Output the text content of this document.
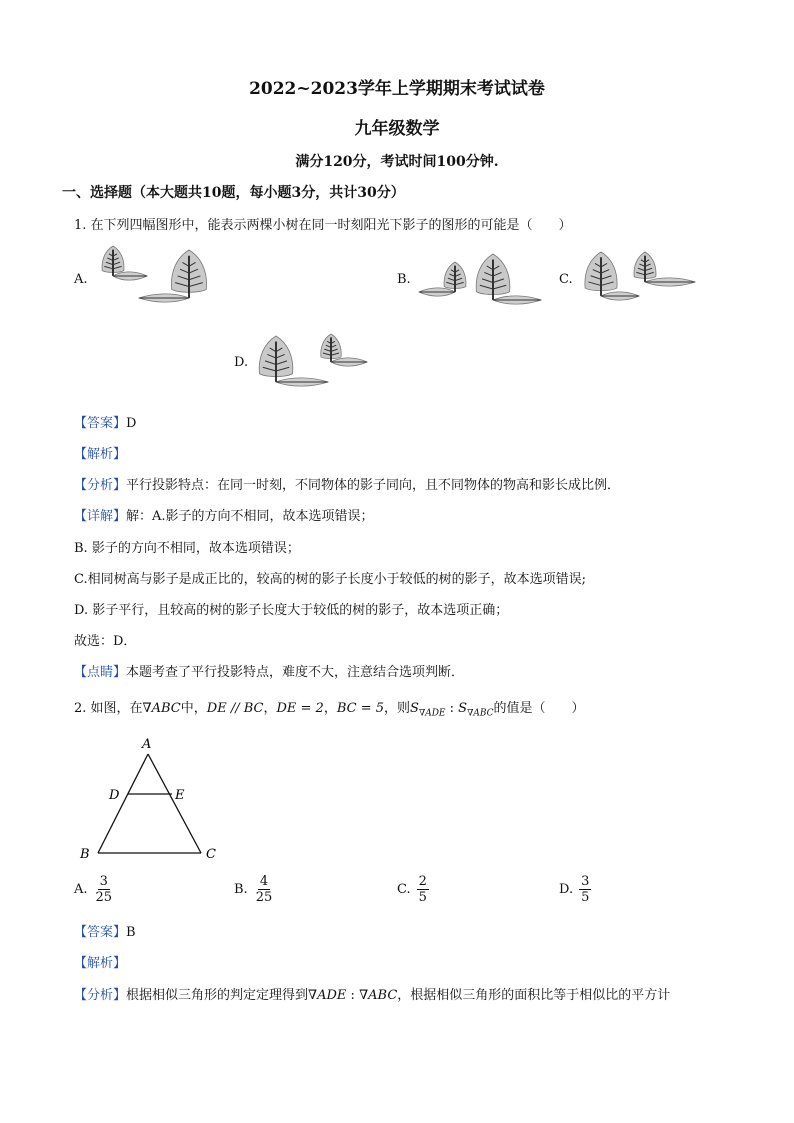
2022~2023学年上学期期末考试试卷
九年级数学
满分120分，考试时间100分钟.
一、选择题（本大题共10题，每小题3分，共计30分）
1. 在下列四幅图形中，能表示两棵小树在同一时刻阳光下影子的图形的可能是（　　）
A.	B.	C.
D.
【答案】D
【解析】
【分析】平行投影特点：在同一时刻，不同物体的影子同向，且不同物体的物高和影长成比例．
【详解】解：A.影子的方向不相同，故本选项错误；
B. 影子的方向不相同，故本选项错误；
C.相同树高与影子是成正比的，较高的树的影子长度小于较低的树的影子，故本选项错误;
D. 影子平行，且较高的树的影子长度大于较低的树的影子，故本选项正确；
故选：D．
【点睛】本题考查了平行投影特点，难度不大，注意结合选项判断．
2. 如图，在∇ABC中，DE // BC，DE = 2，BC = 5，则$S_{\nabla ADE}$ : $S_{\nabla ABC}$的值是（　　）
A
D	E
B	C
A. $\frac{3}{25}$	B. $\frac{4}{25}$	C. $\frac{2}{5}$	D. $\frac{3}{5}$
【答案】B
【解析】
【分析】根据相似三角形的判定定理得到∇ADE : ∇ABC，根据相似三角形的面积比等于相似比的平方计
